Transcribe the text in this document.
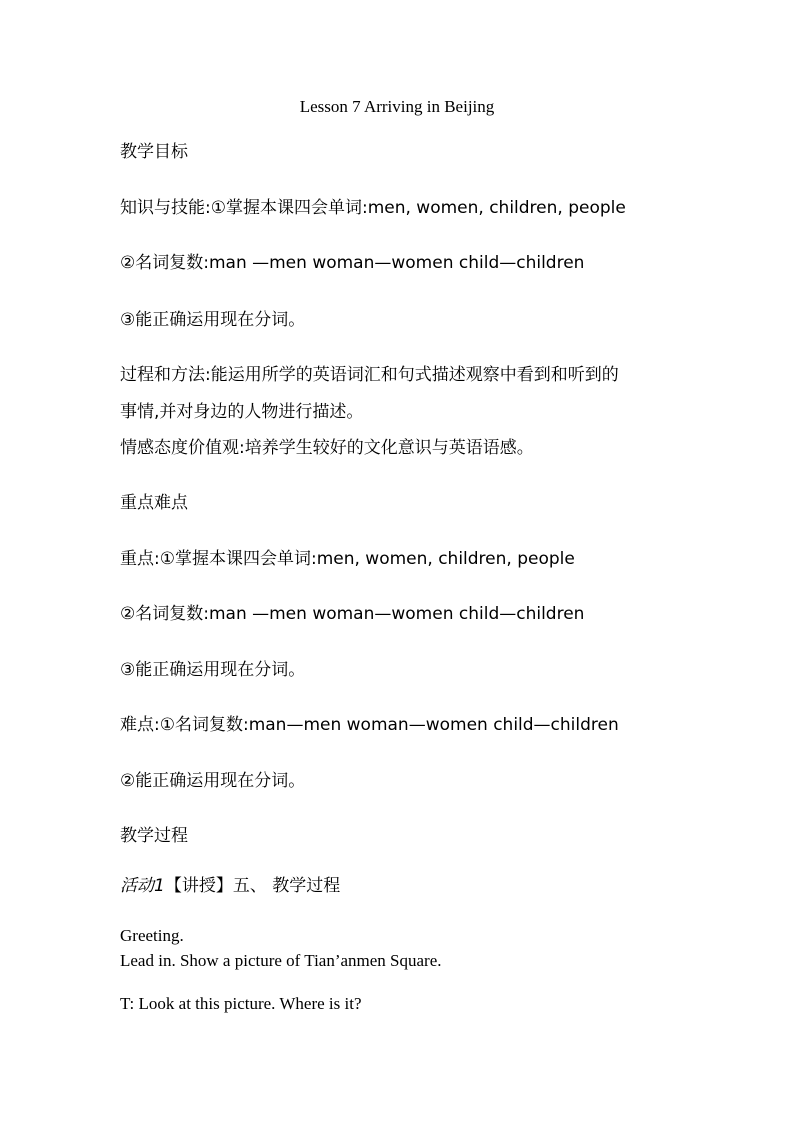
Lesson 7 Arriving in Beijing
教学目标
知识与技能:①掌握本课四会单词:men, women, children, people
②名词复数:man —men woman—women child—children
③能正确运用现在分词。
过程和方法:能运用所学的英语词汇和句式描述观察中看到和听到的
事情,并对身边的人物进行描述。
情感态度价值观:培养学生较好的文化意识与英语语感。
重点难点
重点:①掌握本课四会单词:men, women, children, people
②名词复数:man —men woman—women child—children
③能正确运用现在分词。
难点:①名词复数:man—men woman—women child—children
②能正确运用现在分词。
教学过程
活动1【讲授】五、 教学过程
Greeting.
Lead in. Show a picture of Tian’anmen Square.
T: Look at this picture. Where is it?
